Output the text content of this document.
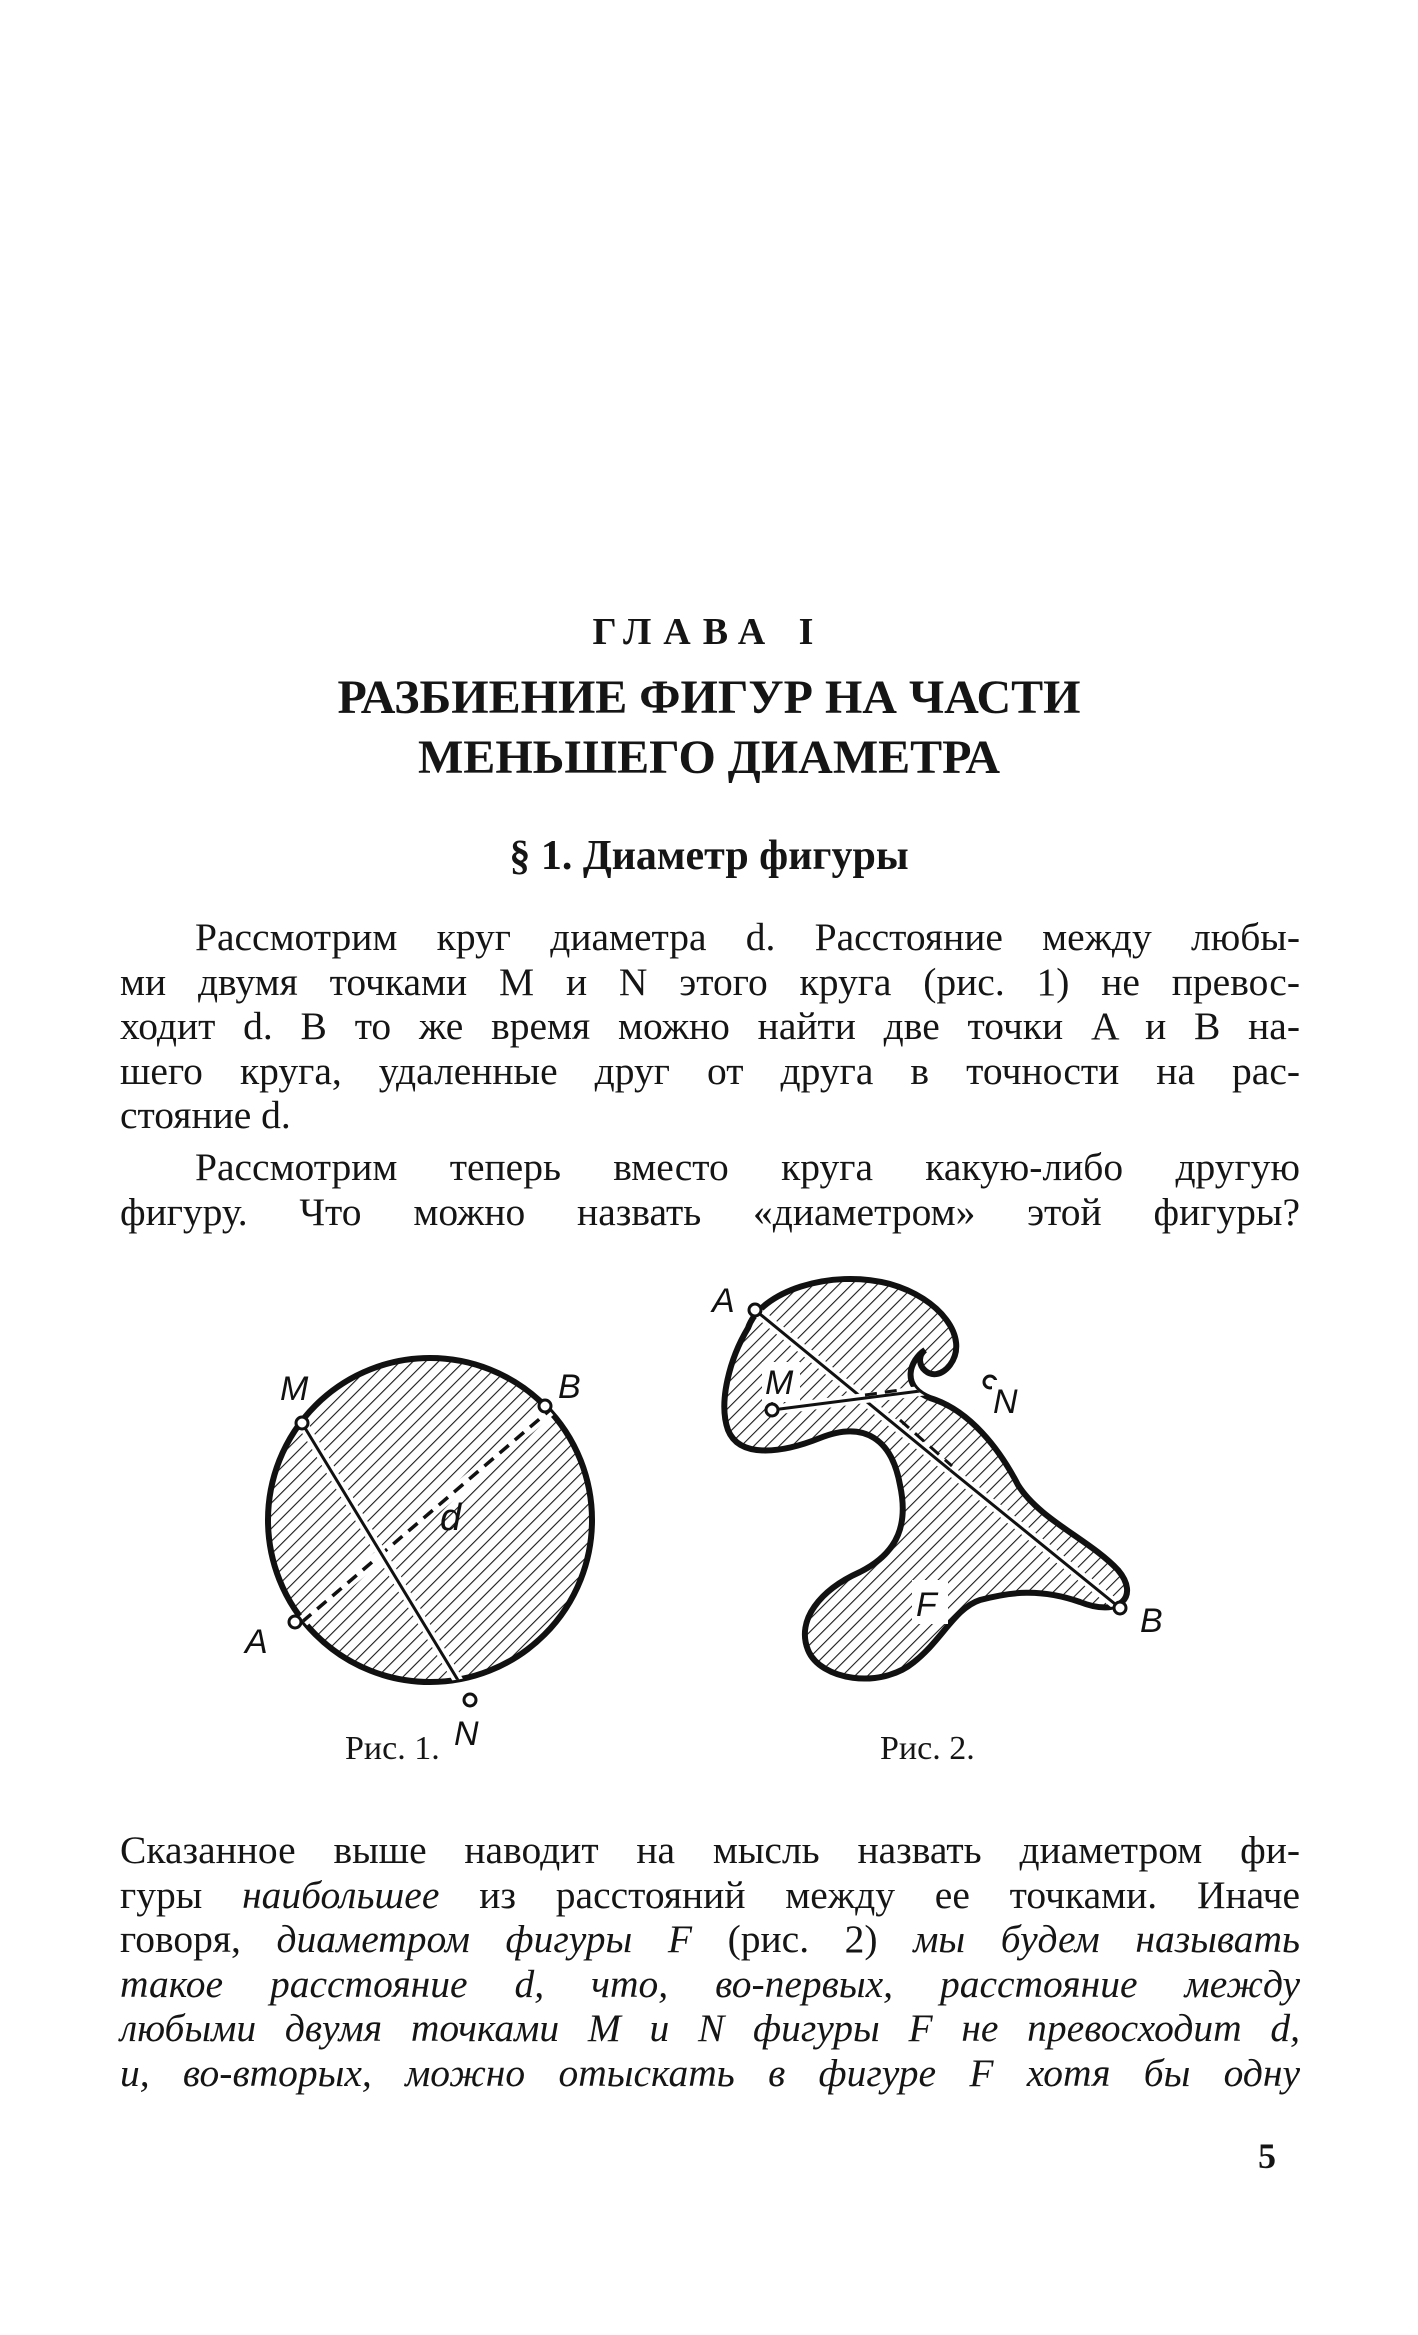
ГЛАВА I
РАЗБИЕНИЕ ФИГУР НА ЧАСТИ
МЕНЬШЕГО ДИАМЕТРА
§ 1. Диаметр фигуры
Рассмотрим круг диаметра d. Расстояние между любы-
ми двумя точками M и N этого круга (рис. 1) не превос-
ходит d. В то же время можно найти две точки A и B на-
шего круга, удаленные друг от друга в точности на рас-
стояние d.
Рассмотрим теперь вместо круга какую-либо другую
фигуру. Что можно назвать «диаметром» этой фигуры?
M	B
A
d
N
A
M	N
F	B
Рис. 1.	Рис. 2.
Сказанное выше наводит на мысль назвать диаметром фи-
гуры наибольшее из расстояний между ее точками. Иначе
говоря, диаметром фигуры F (рис. 2) мы будем называть
такое расстояние d, что, во-первых, расстояние между
любыми двумя точками M и N фигуры F не превосходит d,
и, во-вторых, можно отыскать в фигуре F хотя бы одну
5
